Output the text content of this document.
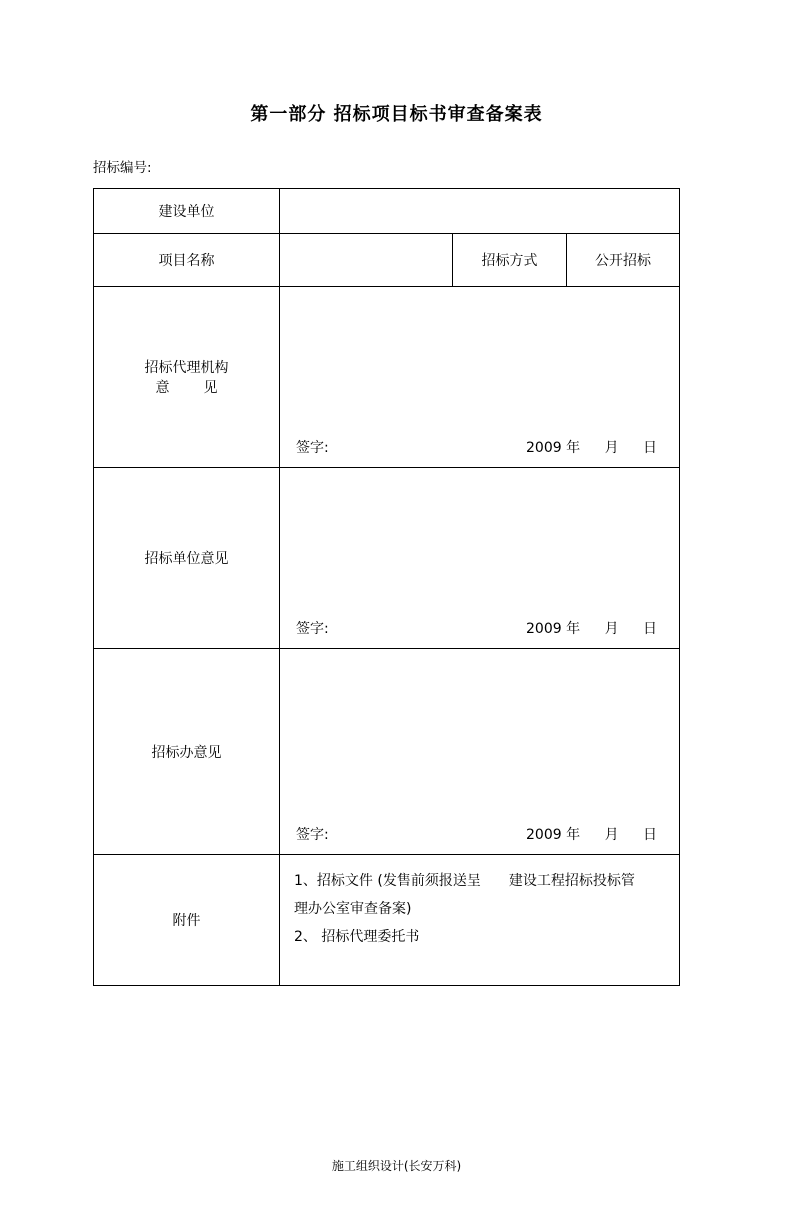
第一部分 招标项目标书审查备案表
招标编号:
建设单位			
项目名称		招标方式	公开招标

招标代理机构
意　见	签字: 2009 年 月 日		

招标单位意见	签字: 2009 年 月 日		

招标办意见	签字: 2009 年 月 日		

附件	1、招标文件 (发售前须报送呈 建设工程招标投标管
理办公室审查备案)
2、 招标代理委托书		
施工组织设计(长安万科)
